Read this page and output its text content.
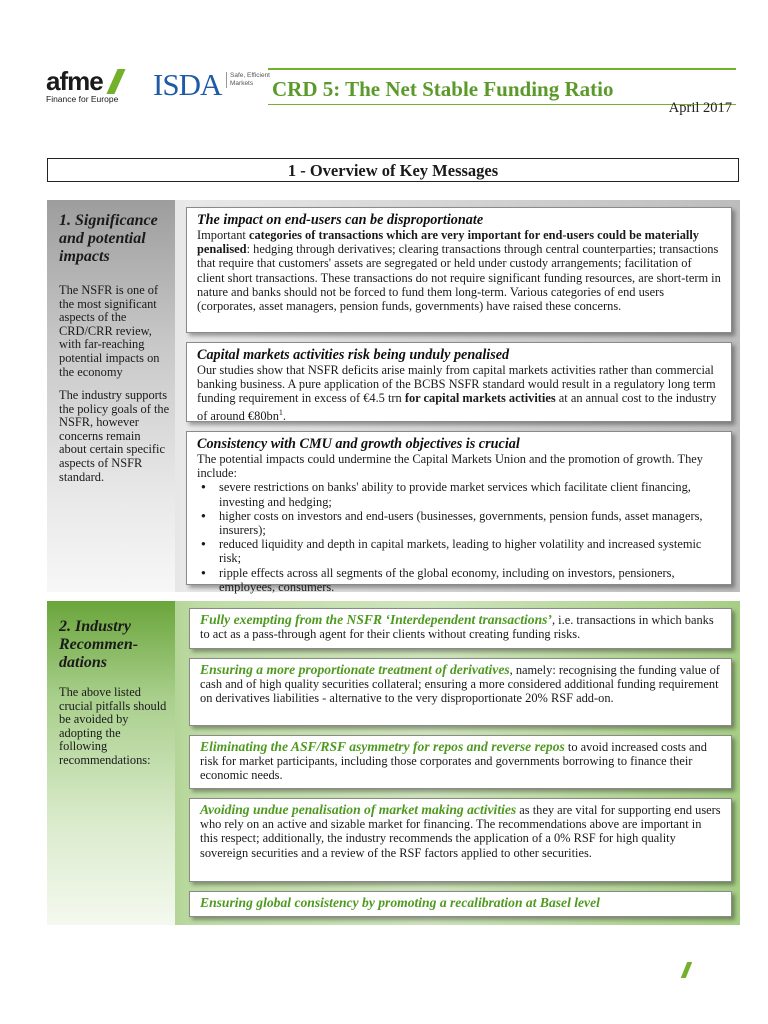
afme
Finance for Europe ISDA	Safe, Efficient Markets CRD 5: The Net Stable Funding Ratio
April 2017
1 - Overview of Key Messages
1. Significance and potential impacts
The NSFR is one of the most significant aspects of the CRD/CRR review, with far-reaching potential impacts on the economy
The industry supports the policy goals of the NSFR, however concerns remain about certain specific aspects of NSFR standard.
The impact on end-users can be disproportionate
Important categories of transactions which are very important for end-users could be materially penalised: hedging through derivatives; clearing transactions through central counterparties; transactions that require that customers' assets are segregated or held under custody arrangements; facilitation of client short transactions. These transactions do not require significant funding resources, are short-term in nature and banks should not be forced to fund them long-term. Various categories of end users (corporates, asset managers, pension funds, governments) have raised these concerns.
Capital markets activities risk being unduly penalised
Our studies show that NSFR deficits arise mainly from capital markets activities rather than commercial banking business. A pure application of the BCBS NSFR standard would result in a regulatory long term funding requirement in excess of €4.5 trn for capital markets activities at an annual cost to the industry of around $€80bn^1$.
Consistency with CMU and growth objectives is crucial
The potential impacts could undermine the Capital Markets Union and the promotion of growth. They include:
● severe restrictions on banks' ability to provide market services which facilitate client financing, investing and hedging;
● higher costs on investors and end-users (businesses, governments, pension funds, asset managers, insurers);
● reduced liquidity and depth in capital markets, leading to higher volatility and increased systemic risk;
● ripple effects across all segments of the global economy, including on investors, pensioners, employees, consumers.
2. Industry Recommen-dations
The above listed crucial pitfalls should be avoided by adopting the following recommendations:
Fully exempting from the NSFR ‘Interdependent transactions’, i.e. transactions in which banks to act as a pass-through agent for their clients without creating funding risks.
Ensuring a more proportionate treatment of derivatives, namely: recognising the funding value of cash and of high quality securities collateral; ensuring a more considered additional funding requirement on derivatives liabilities - alternative to the very disproportionate 20% RSF add-on.
Eliminating the ASF/RSF asymmetry for repos and reverse repos to avoid increased costs and risk for market participants, including those corporates and governments borrowing to finance their economic needs.
Avoiding undue penalisation of market making activities as they are vital for supporting end users who rely on an active and sizable market for financing. The recommendations above are important in this respect; additionally, the industry recommends the application of a 0% RSF for high quality sovereign securities and a review of the RSF factors applied to other securities.
Ensuring global consistency by promoting a recalibration at Basel level
